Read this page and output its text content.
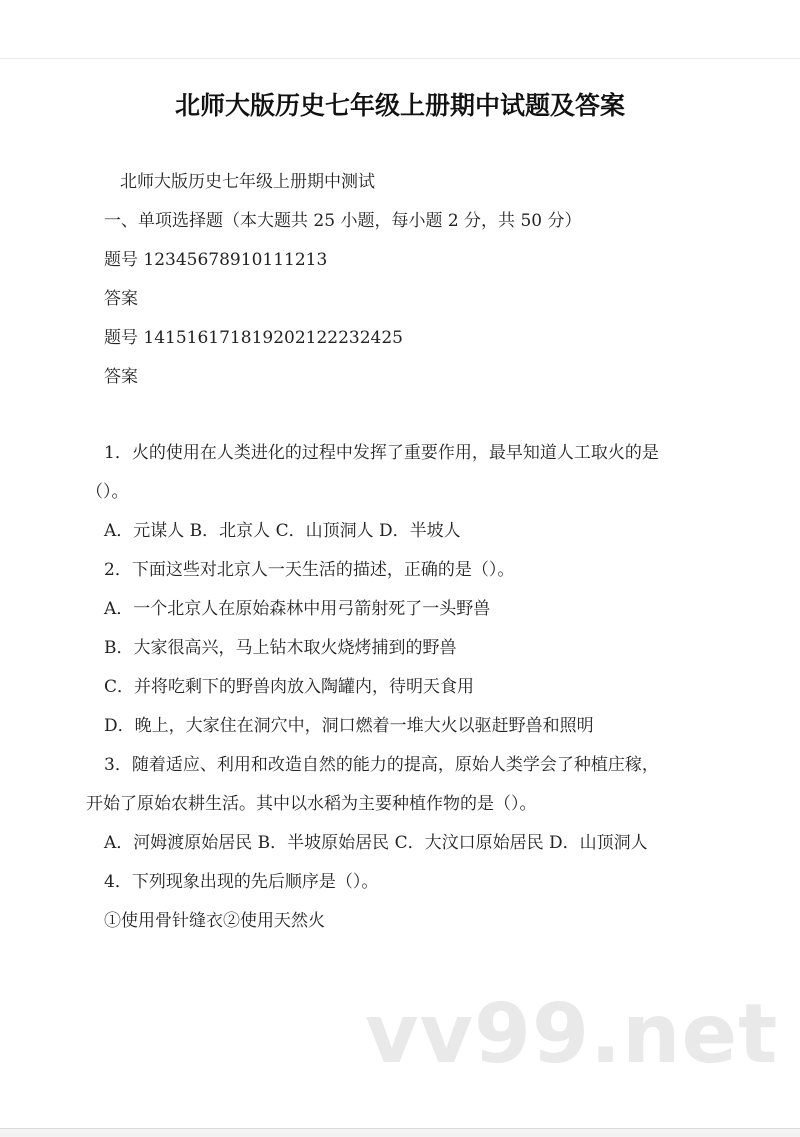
北师大版历史七年级上册期中试题及答案
北师大版历史七年级上册期中测试
一、单项选择题（本大题共 25 小题，每小题 2 分，共 50 分）
题号 12345678910111213
答案
题号 141516171819202122232425
答案
1．火的使用在人类进化的过程中发挥了重要作用，最早知道人工取火的是
（）。
A．元谋人 B．北京人 C．山顶洞人 D．半坡人
2．下面这些对北京人一天生活的描述，正确的是（）。
A．一个北京人在原始森林中用弓箭射死了一头野兽
B．大家很高兴，马上钻木取火烧烤捕到的野兽
C．并将吃剩下的野兽肉放入陶罐内，待明天食用
D．晚上，大家住在洞穴中，洞口燃着一堆大火以驱赶野兽和照明
3．随着适应、利用和改造自然的能力的提高，原始人类学会了种植庄稼，
开始了原始农耕生活。其中以水稻为主要种植作物的是（）。
A．河姆渡原始居民 B．半坡原始居民 C．大汶口原始居民 D．山顶洞人
4．下列现象出现的先后顺序是（）。
①使用骨针缝衣②使用天然火
vv99.net
